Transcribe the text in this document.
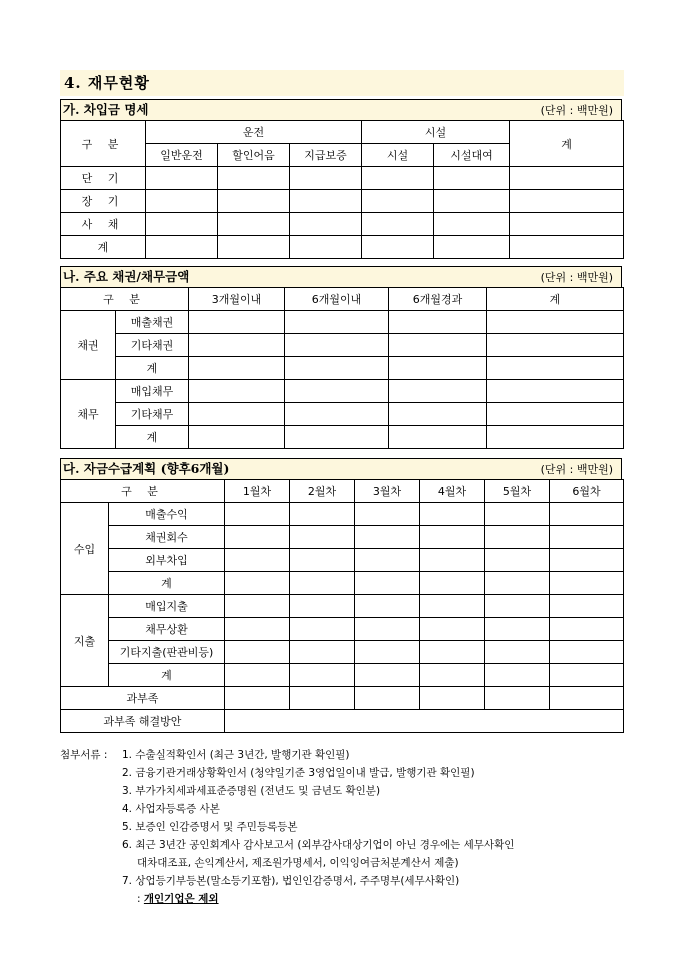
4. 재무현황
가. 차입금 명세	(단위 : 백만원)
구 분	운전			시설		계
	일반운전	할인어음	지급보증	시설	시설대여	
단 기						
장 기						
사 채						
계						
나. 주요 채권/채무금액	(단위 : 백만원)
구 분		3개월이내	6개월이내	6개월경과	계
채권	매출채권				
	기타채권				
	계				
채무	매입채무				
	기타채무				
	계				
다. 자금수급계획 (향후6개월)	(단위 : 백만원)
구 분		1월차	2월차	3월차	4월차	5월차	6월차
수입	매출수익						
	채권회수						
	외부차입						
	계						
지출	매입지출						
	채무상환						
	기타지출(판관비등)						
	계						
과부족							
과부족 해결방안							
첨부서류 : 1. 수출실적확인서 (최근 3년간, 발행기관 확인필)
2. 금융기관거래상황확인서 (청약일기준 3영업일이내 발급, 발행기관 확인필)
3. 부가가치세과세표준증명원 (전년도 및 금년도 확인분)
4. 사업자등록증 사본
5. 보증인 인감증명서 및 주민등록등본
6. 최근 3년간 공인회계사 감사보고서 (외부감사대상기업이 아닌 경우에는 세무사확인
대차대조표, 손익계산서, 제조원가명세서, 이익잉여금처분계산서 제출)
7. 상업등기부등본(말소등기포함), 법인인감증명서, 주주명부(세무사확인)
: 개인기업은 제외
